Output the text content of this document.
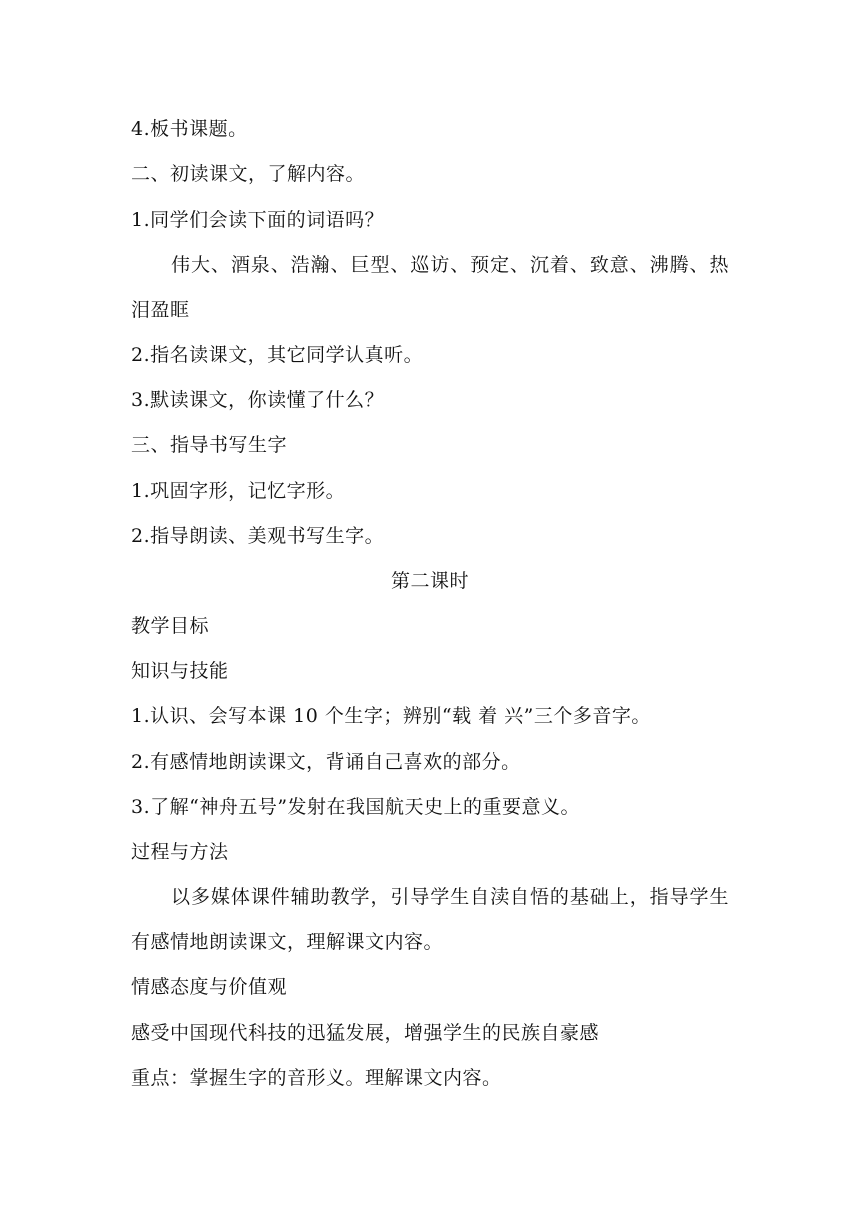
4.板书课题。
二、初读课文，了解内容。
1.同学们会读下面的词语吗？
伟大、酒泉、浩瀚、巨型、巡访、预定、沉着、致意、沸腾、热
泪盈眶
2.指名读课文，其它同学认真听。
3.默读课文，你读懂了什么？
三、指导书写生字
1.巩固字形，记忆字形。
2.指导朗读、美观书写生字。
第二课时
教学目标
知识与技能
1.认识、会写本课 10 个生字；辨别“载 着 兴”三个多音字。
2.有感情地朗读课文，背诵自己喜欢的部分。
3.了解“神舟五号”发射在我国航天史上的重要意义。
过程与方法
以多媒体课件辅助教学，引导学生自渎自悟的基础上，指导学生
有感情地朗读课文，理解课文内容。
情感态度与价值观
感受中国现代科技的迅猛发展，增强学生的民族自豪感
重点：掌握生字的音形义。理解课文内容。
